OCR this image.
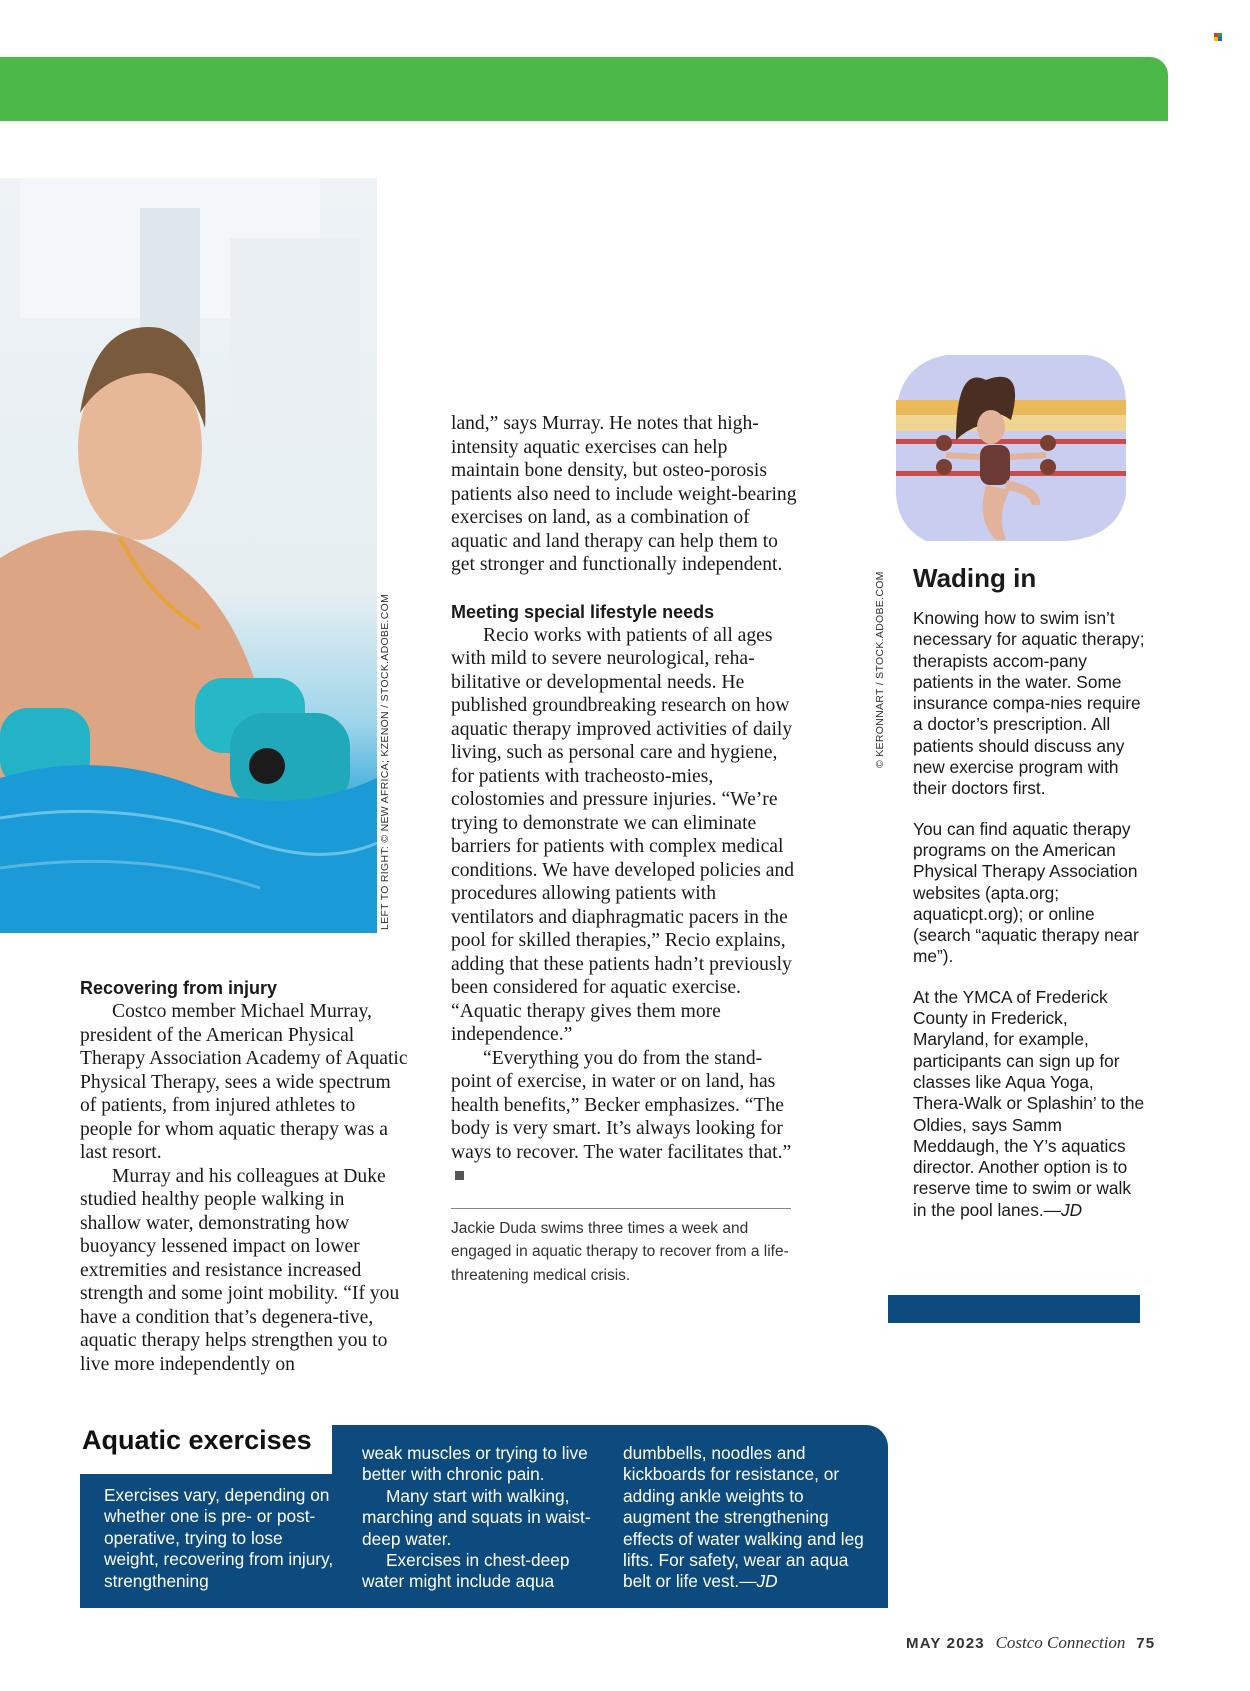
LEFT TO RIGHT: © NEW AFRICA; KZENON / STOCK.ADOBE.COM
Recovering from injury

Costco member Michael Murray, president of the American Physical Therapy Association Academy of Aquatic Physical Therapy, sees a wide spectrum of patients, from injured athletes to people for whom aquatic therapy was a last resort.

Murray and his colleagues at Duke studied healthy people walking in shallow water, demonstrating how buoyancy lessened impact on lower extremities and resistance increased strength and some joint mobility. “If you have a condition that’s degenera-tive, aquatic therapy helps strengthen you to live more independently on

land,” says Murray. He notes that high-intensity aquatic exercises can help maintain bone density, but osteo-porosis patients also need to include weight-bearing exercises on land, as a combination of aquatic and land therapy can help them to get stronger and functionally independent.

Meeting special lifestyle needs

Recio works with patients of all ages with mild to severe neurological, reha-bilitative or developmental needs. He published groundbreaking research on how aquatic therapy improved activities of daily living, such as personal care and hygiene, for patients with tracheosto-mies, colostomies and pressure injuries. “We’re trying to demonstrate we can eliminate barriers for patients with complex medical conditions. We have developed policies and procedures allowing patients with ventilators and diaphragmatic pacers in the pool for skilled therapies,” Recio explains, adding that these patients hadn’t previously been considered for aquatic exercise. “Aquatic therapy gives them more independence.”

“Everything you do from the stand-point of exercise, in water or on land, has health benefits,” Becker emphasizes. “The body is very smart. It’s always looking for ways to recover. The water facilitates that.”

Jackie Duda swims three times a week and engaged in aquatic therapy to recover from a life-threatening medical crisis.
© KERONNART / STOCK.ADOBE.COM Wading in

Knowing how to swim isn’t necessary for aquatic therapy; therapists accom-pany patients in the water. Some insurance compa-nies require a doctor’s prescription. All patients should discuss any new exercise program with their doctors first.

You can find aquatic therapy programs on the American Physical Therapy Association websites (apta.org; aquaticpt.org); or online (search “aquatic therapy near me”).

At the YMCA of Frederick County in Frederick, Maryland, for example, participants can sign up for classes like Aqua Yoga, Thera-Walk or Splashin’ to the Oldies, says Samm Meddaugh, the Y’s aquatics director. Another option is to reserve time to swim or walk in the pool lanes.—JD

Aquatic exercises

Exercises vary, depending on whether one is pre- or post-operative, trying to lose weight, recovering from injury, strengthening

weak muscles or trying to live better with chronic pain.

Many start with walking, marching and squats in waist-deep water.

Exercises in chest-deep water might include aqua

dumbbells, noodles and kickboards for resistance, or adding ankle weights to augment the strengthening effects of water walking and leg lifts. For safety, wear an aqua belt or life vest.—JD

MAY 2023 Costco Connection 75
